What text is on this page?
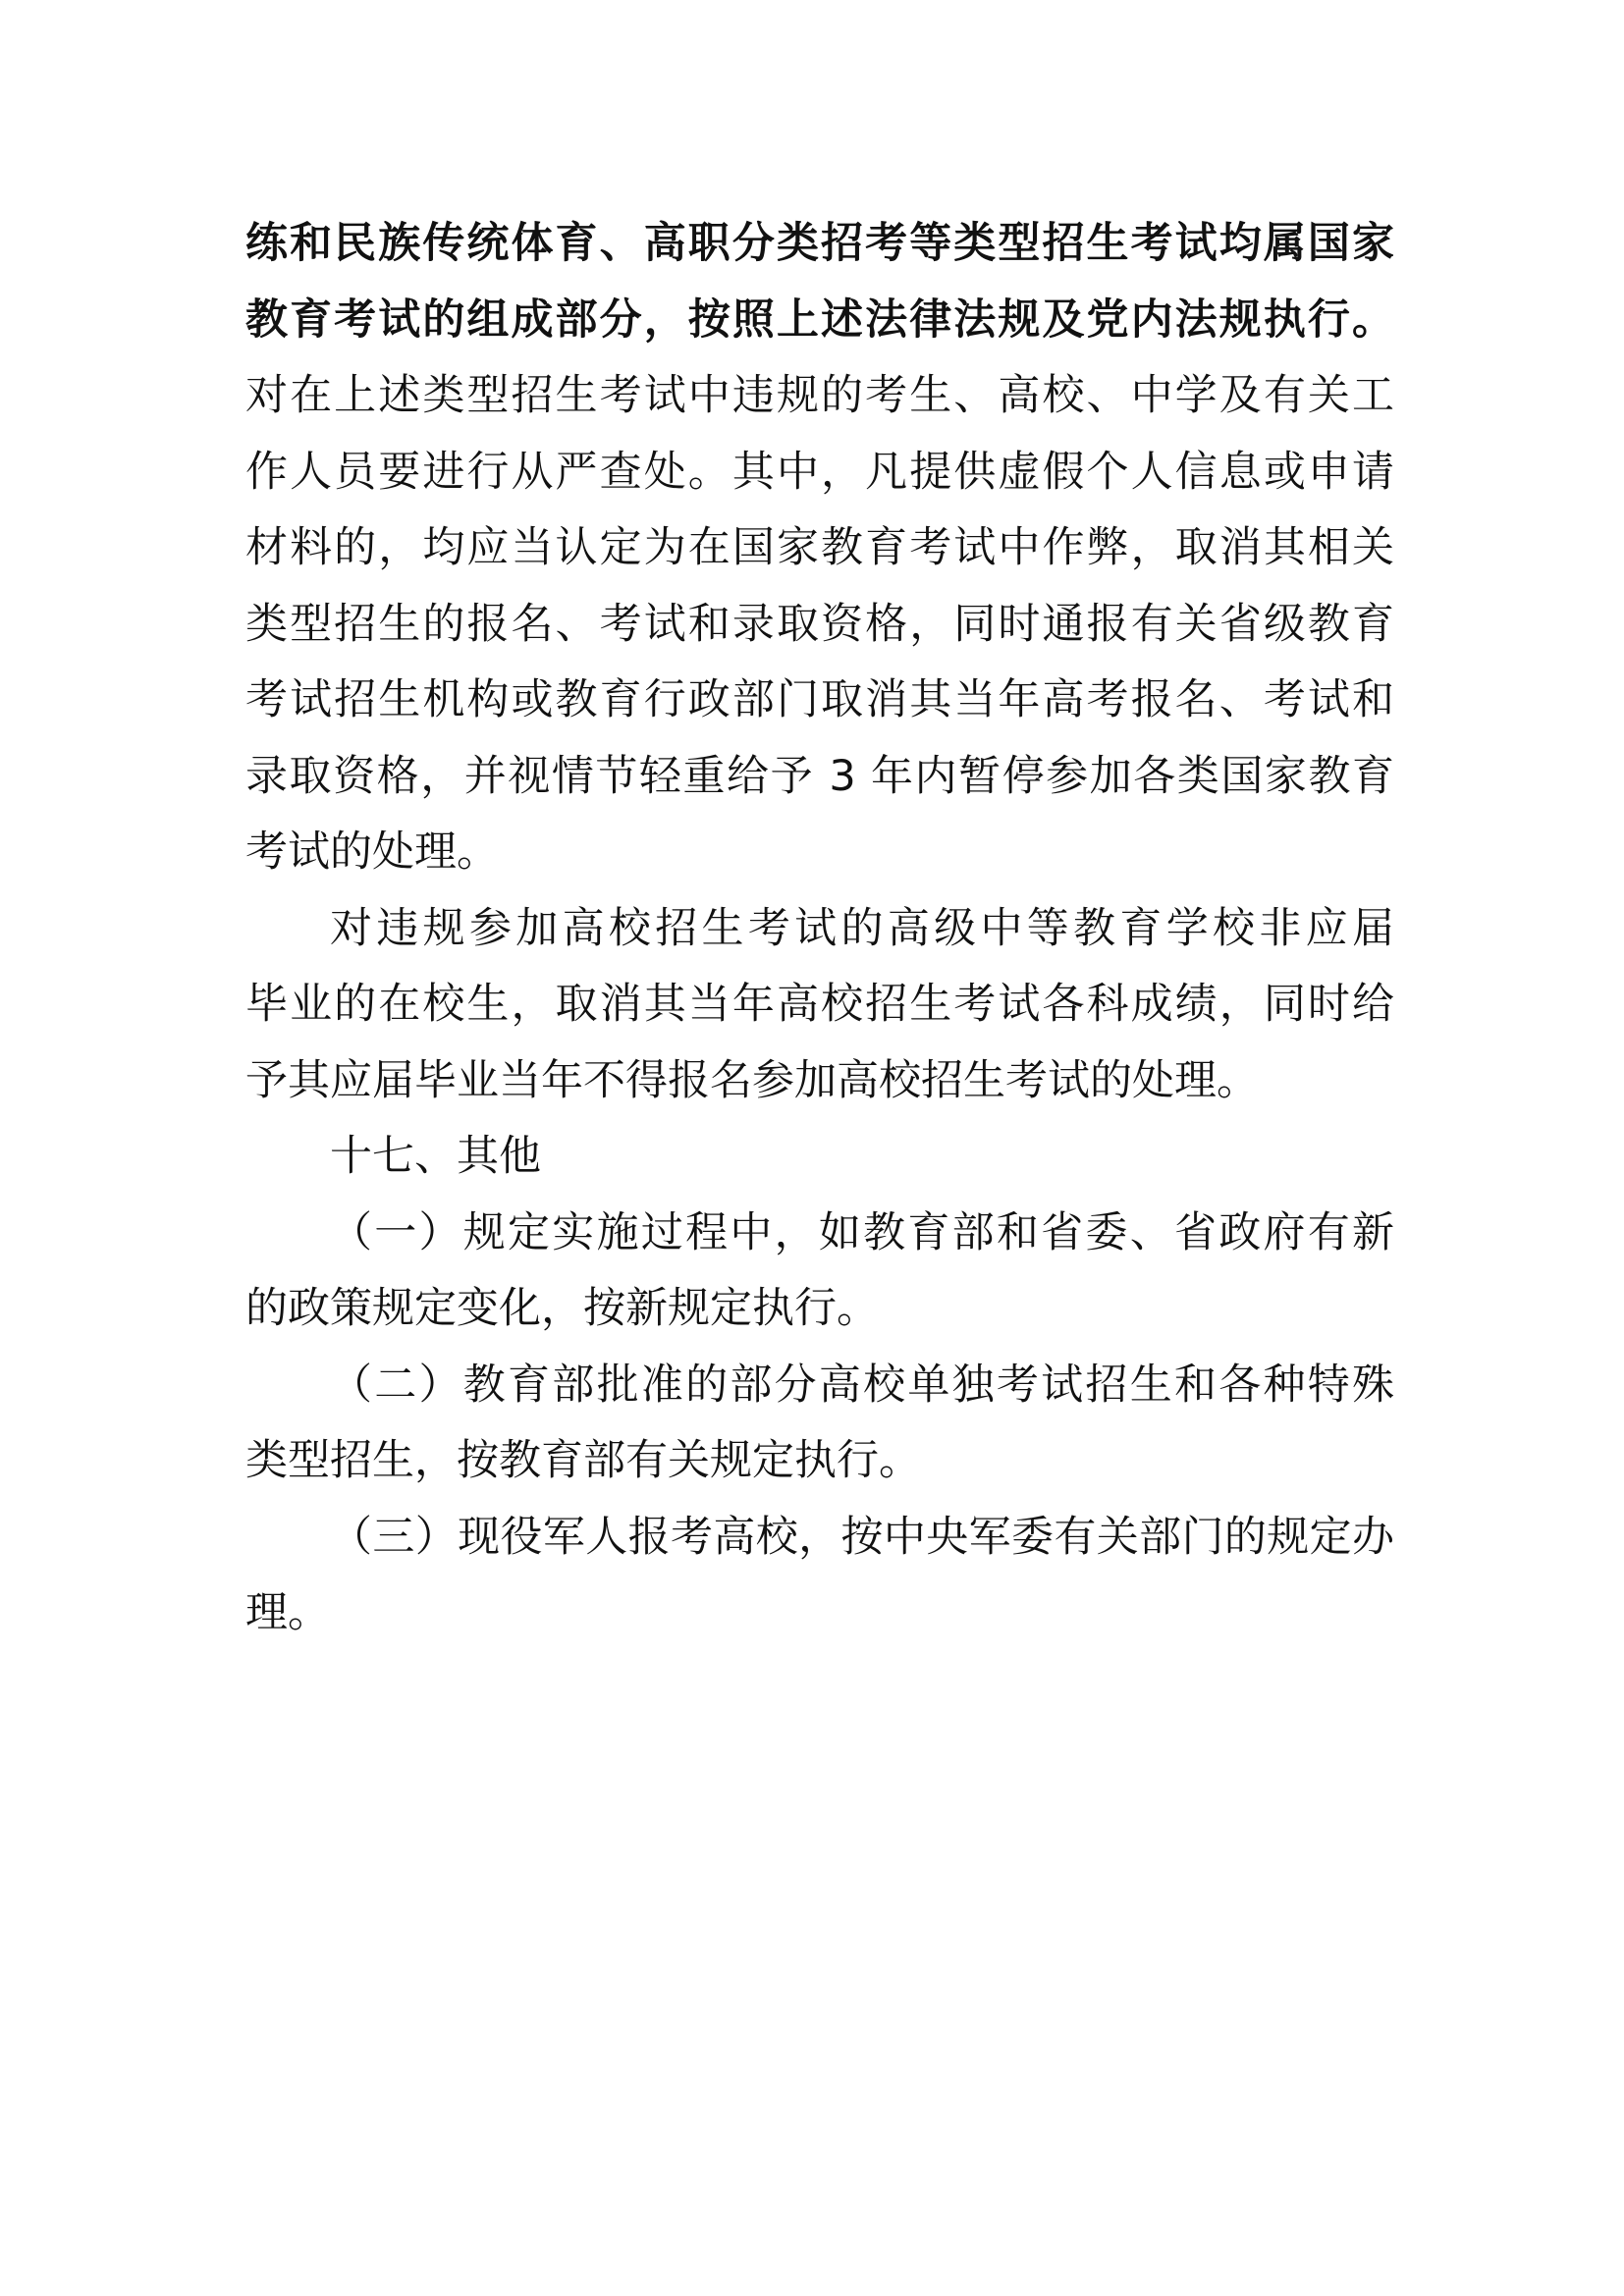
练和民族传统体育、高职分类招考等类型招生考试均属国家
教育考试的组成部分，按照上述法律法规及党内法规执行。
对在上述类型招生考试中违规的考生、高校、中学及有关工
作人员要进行从严查处。其中，凡提供虚假个人信息或申请
材料的，均应当认定为在国家教育考试中作弊，取消其相关
类型招生的报名、考试和录取资格，同时通报有关省级教育
考试招生机构或教育行政部门取消其当年高考报名、考试和
录取资格，并视情节轻重给予 3 年内暂停参加各类国家教育
考试的处理。
对违规参加高校招生考试的高级中等教育学校非应届
毕业的在校生，取消其当年高校招生考试各科成绩，同时给
予其应届毕业当年不得报名参加高校招生考试的处理。
十七、其他
（一）规定实施过程中，如教育部和省委、省政府有新
的政策规定变化，按新规定执行。
（二）教育部批准的部分高校单独考试招生和各种特殊
类型招生，按教育部有关规定执行。
（三）现役军人报考高校，按中央军委有关部门的规定办
理。
